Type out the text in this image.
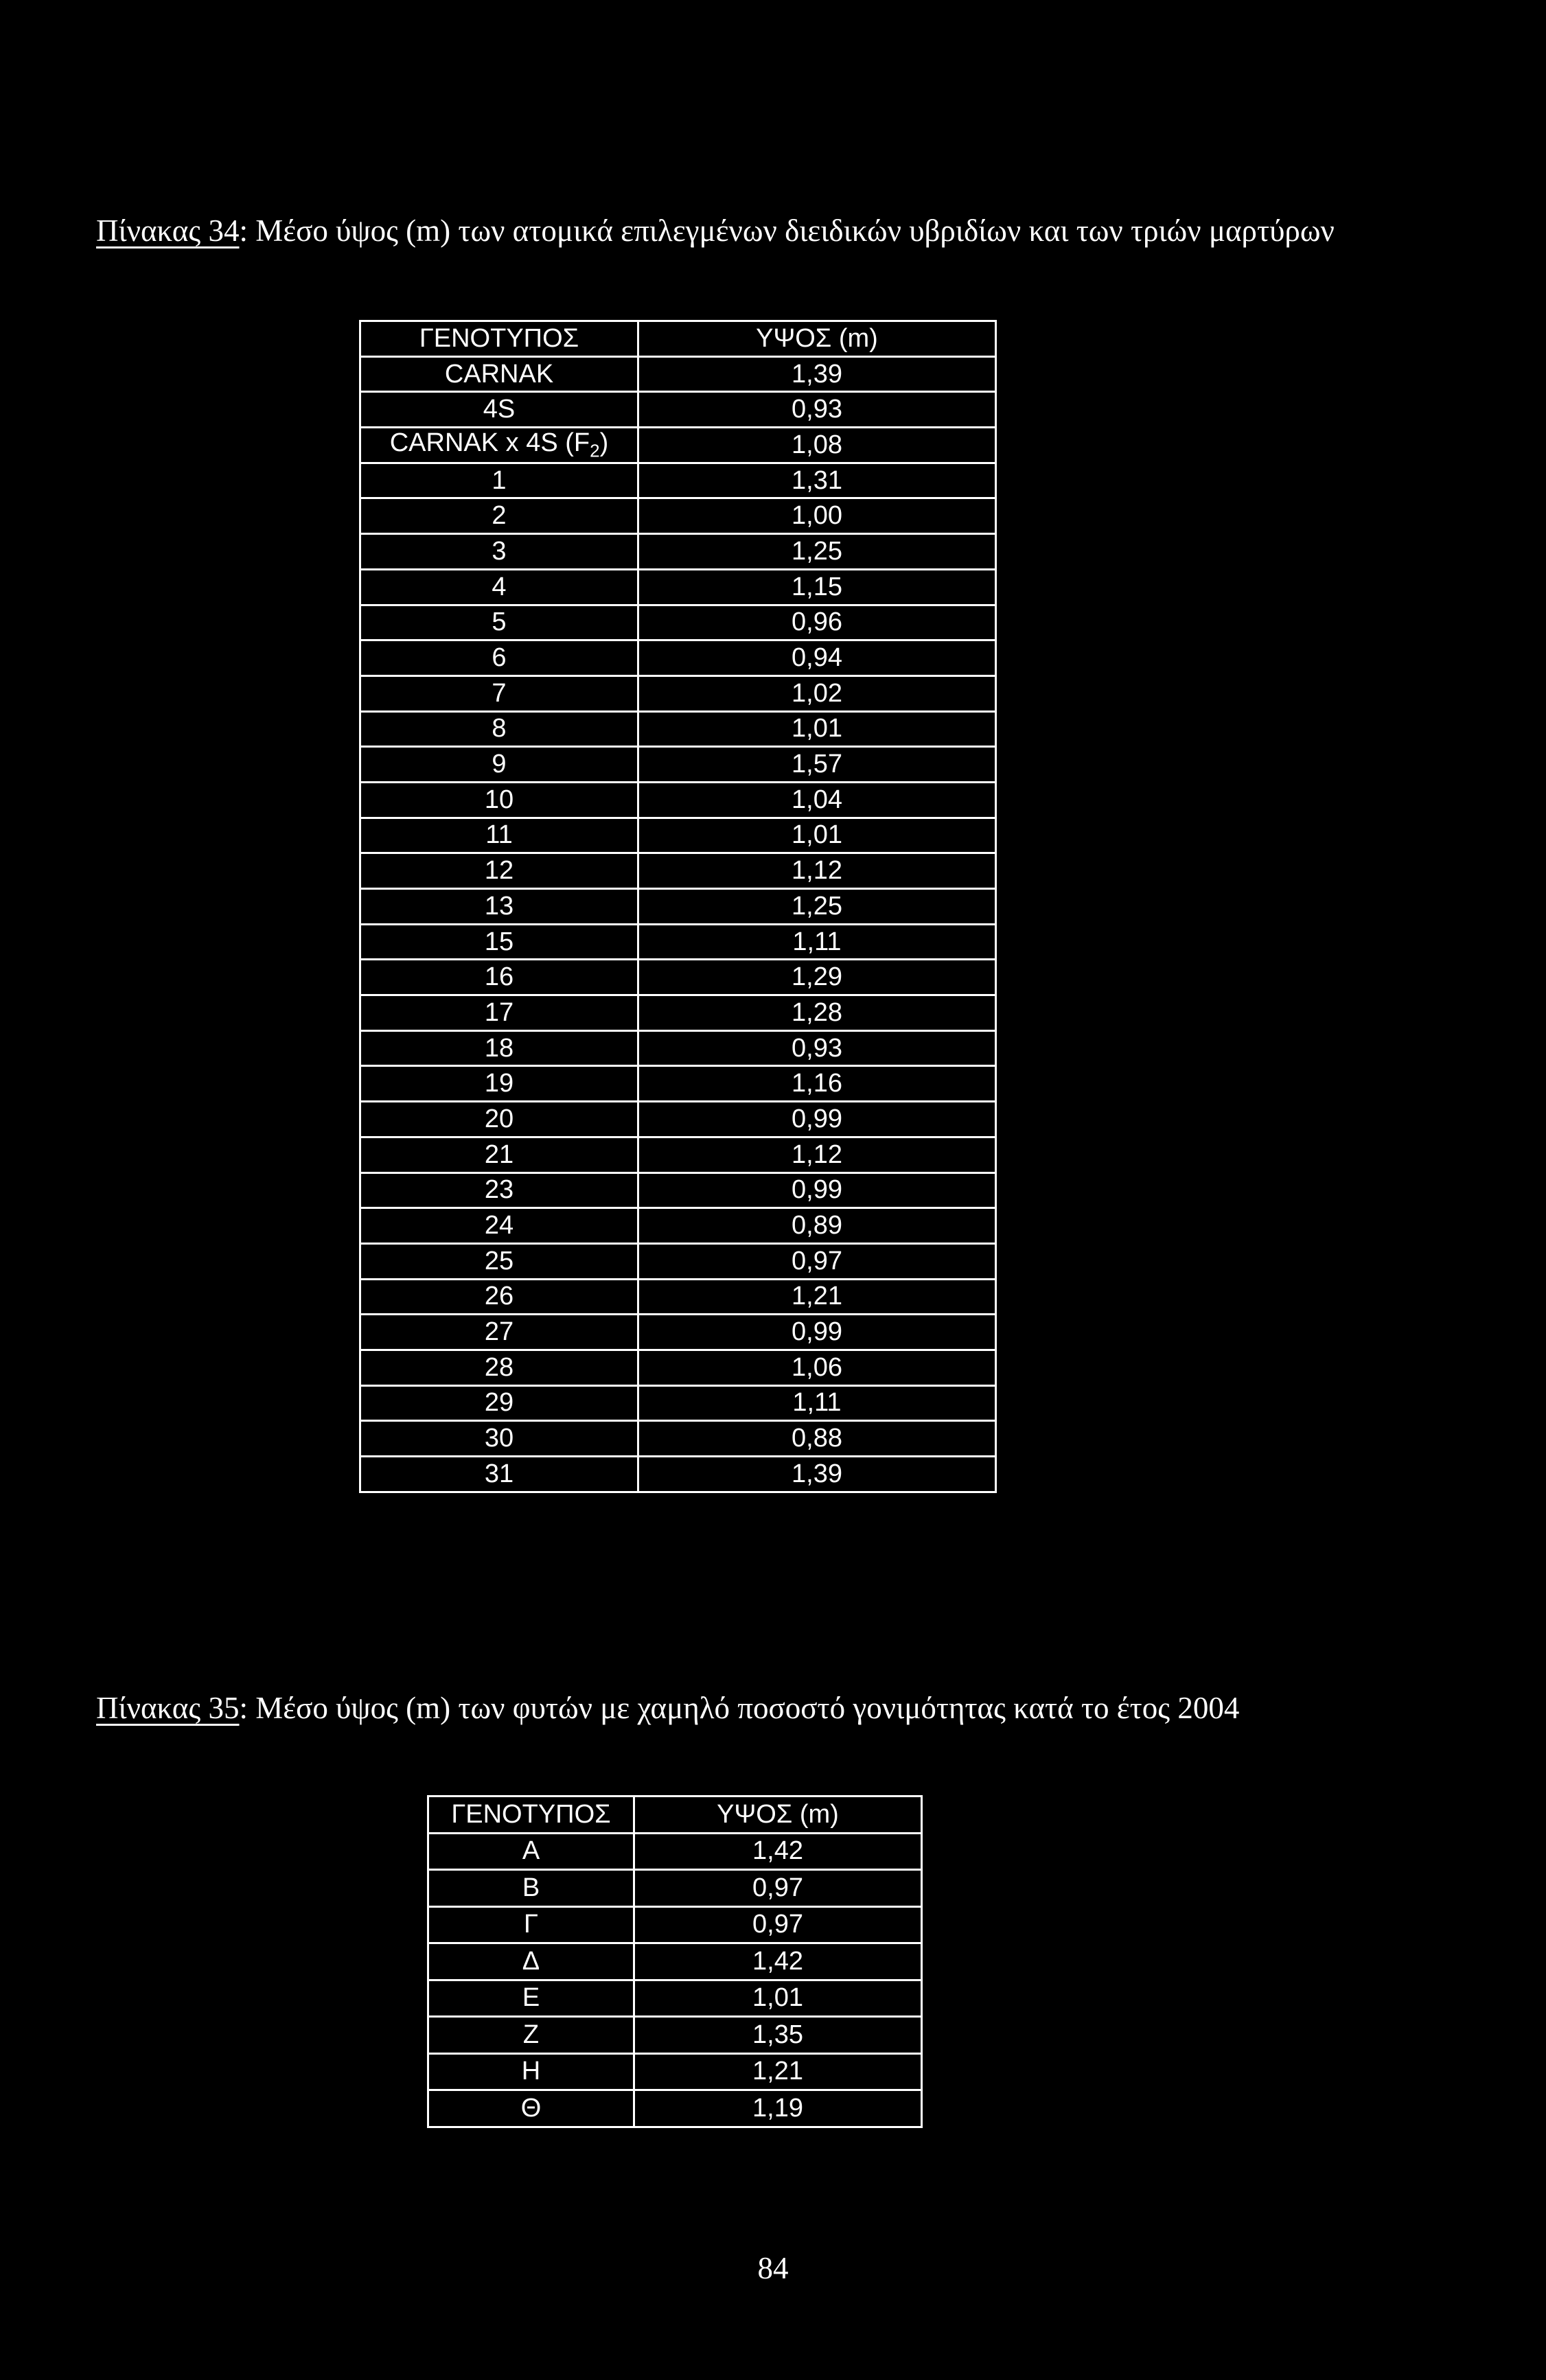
Πίνακας 34: Μέσο ύψος (m) των ατομικά επιλεγμένων διειδικών υβριδίων και των τριών μαρτύρων

ΓΕΝΟΤΥΠΟΣ	ΥΨΟΣ (m)
CARNAK	1,39
4S	0,93
CARNAK x 4S $(F_2)$	1,08
1	1,31
2	1,00
3	1,25
4	1,15
5	0,96
6	0,94
7	1,02
8	1,01
9	1,57
10	1,04
11	1,01
12	1,12
13	1,25
15	1,11
16	1,29
17	1,28
18	0,93
19	1,16
20	0,99
21	1,12
23	0,99
24	0,89
25	0,97
26	1,21
27	0,99
28	1,06
29	1,11
30	0,88
31	1,39

Πίνακας 35: Μέσο ύψος (m) των φυτών με χαμηλό ποσοστό γονιμότητας κατά το έτος 2004

ΓΕΝΟΤΥΠΟΣ	ΥΨΟΣ (m)
Α	1,42
Β	0,97
Γ	0,97
Δ	1,42
Ε	1,01
Ζ	1,35
Η	1,21
Θ	1,19
84
